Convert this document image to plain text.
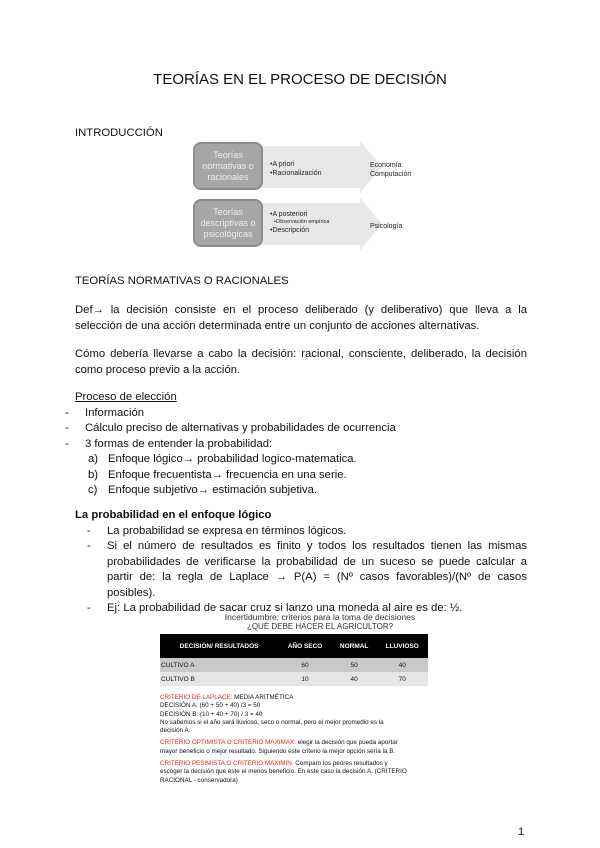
TEORÍAS EN EL PROCESO DE DECISIÓN
INTRODUCCIÓN
Teorías normativas o racionales
Teorías descriptivas o psicológicas
•A priori
•Racionalización
Economía
Computación
•A posteriori
•Observación empírica
•Descripción
Psicología
TEORÍAS NORMATIVAS O RACIONALES
Def→ la decisión consiste en el proceso deliberado (y deliberativo) que lleva a la selección de una acción determinada entre un conjunto de acciones alternativas.
Cómo debería llevarse a cabo la decisión: racional, consciente, deliberado, la decisión como proceso previo a la acción.
Proceso de elección
- Información
- Cálculo preciso de alternativas y probabilidades de ocurrencia
- 3 formas de entender la probabilidad:
a) Enfoque lógico→ probabilidad logico-matematica.
b) Enfoque frecuentista→ frecuencia en una serie.
c) Enfoque subjetivo→ estimación subjetiva.
La probabilidad en el enfoque lógico
- La probabilidad se expresa en términos lógicos.
- Si el número de resultados es finito y todos los resultados tienen las mismas probabilidades de verificarse la probabilidad de un suceso se puede calcular a partir de: la regla de Laplace → P(A) = (Nº casos favorables)/(Nº de casos posibles).
- Ej: La probabilidad de sacar cruz si lanzo una moneda al aire es de: ½.
Incertidumbre: criterios para la toma de decisiones
¿QUÉ DEBE HACER EL AGRICULTOR?
DECISIÓN/ RESULTADOS	AÑO SECO	NORMAL	LLUVIOSO
CULTIVO A	60	50	40
CULTIVO B	10	40	70
CRITERIO DE LAPLACE: MEDIA ARITMÉTICA
DECISIÓN A: (60 + 50 + 40) /3 = 50
DECISIÓN B: (10 + 40 + 70) / 3 = 40
No sabemos si el año será lluvioso, seco o normal, pero el mejor promedio es la decisión A.
CRITERIO OPTIMISTA O CRITERIO MAXIMAX: elegir la decisión que pueda aportar mayor beneficio o mejor resultado. Siguiendo este criterio la mejor opción sería la B.
CRITERIO PESIMISTA O CRITERIO MAXIMIN. Comparo los peores resultados y escoger la decisión que este el menos beneficio. En este caso la decisión A. (CRITERIO RACIONAL - conservadora)
1
